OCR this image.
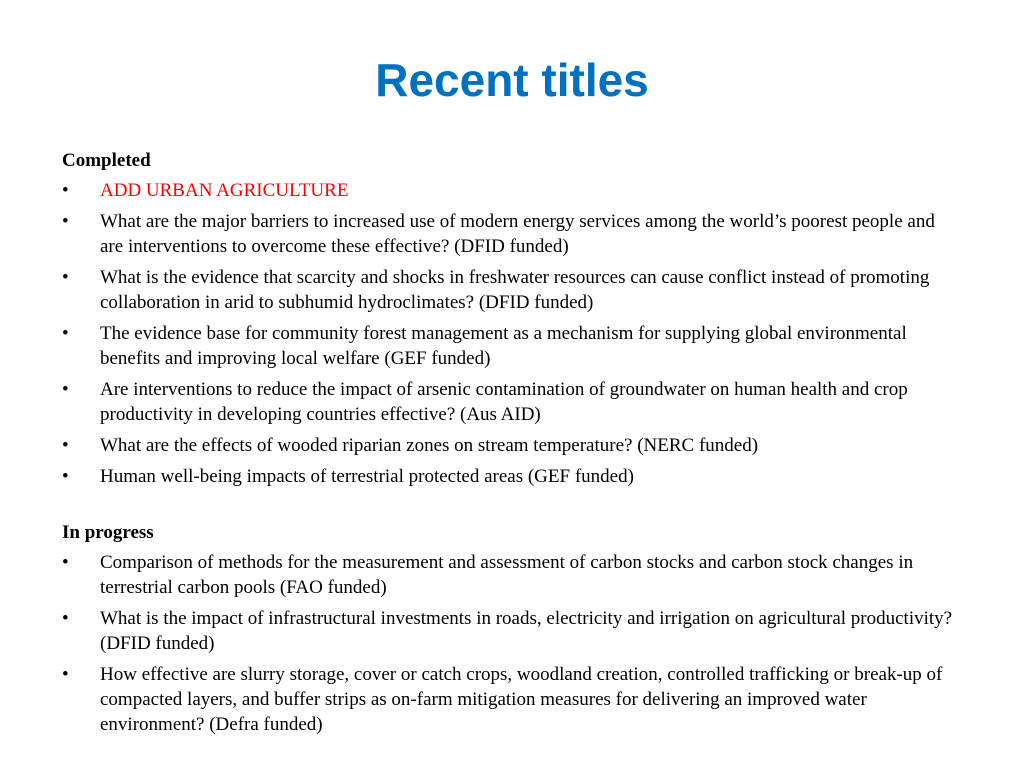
Recent titles
Completed
•	ADD URBAN AGRICULTURE
•	What are the major barriers to increased use of modern energy services among the world’s poorest people and are interventions to overcome these effective? (DFID funded)
•	What is the evidence that scarcity and shocks in freshwater resources can cause conflict instead of promoting collaboration in arid to subhumid hydroclimates? (DFID funded)
•	The evidence base for community forest management as a mechanism for supplying global environmental benefits and improving local welfare (GEF funded)
•	Are interventions to reduce the impact of arsenic contamination of groundwater on human health and crop productivity in developing countries effective? (Aus AID)
•	What are the effects of wooded riparian zones on stream temperature? (NERC funded)
•	Human well-being impacts of terrestrial protected areas (GEF funded)
In progress
•	Comparison of methods for the measurement and assessment of carbon stocks and carbon stock changes in terrestrial carbon pools (FAO funded)
•	What is the impact of infrastructural investments in roads, electricity and irrigation on agricultural productivity? (DFID funded)
•	How effective are slurry storage, cover or catch crops, woodland creation, controlled trafficking or break-up of compacted layers, and buffer strips as on-farm mitigation measures for delivering an improved water environment? (Defra funded)
